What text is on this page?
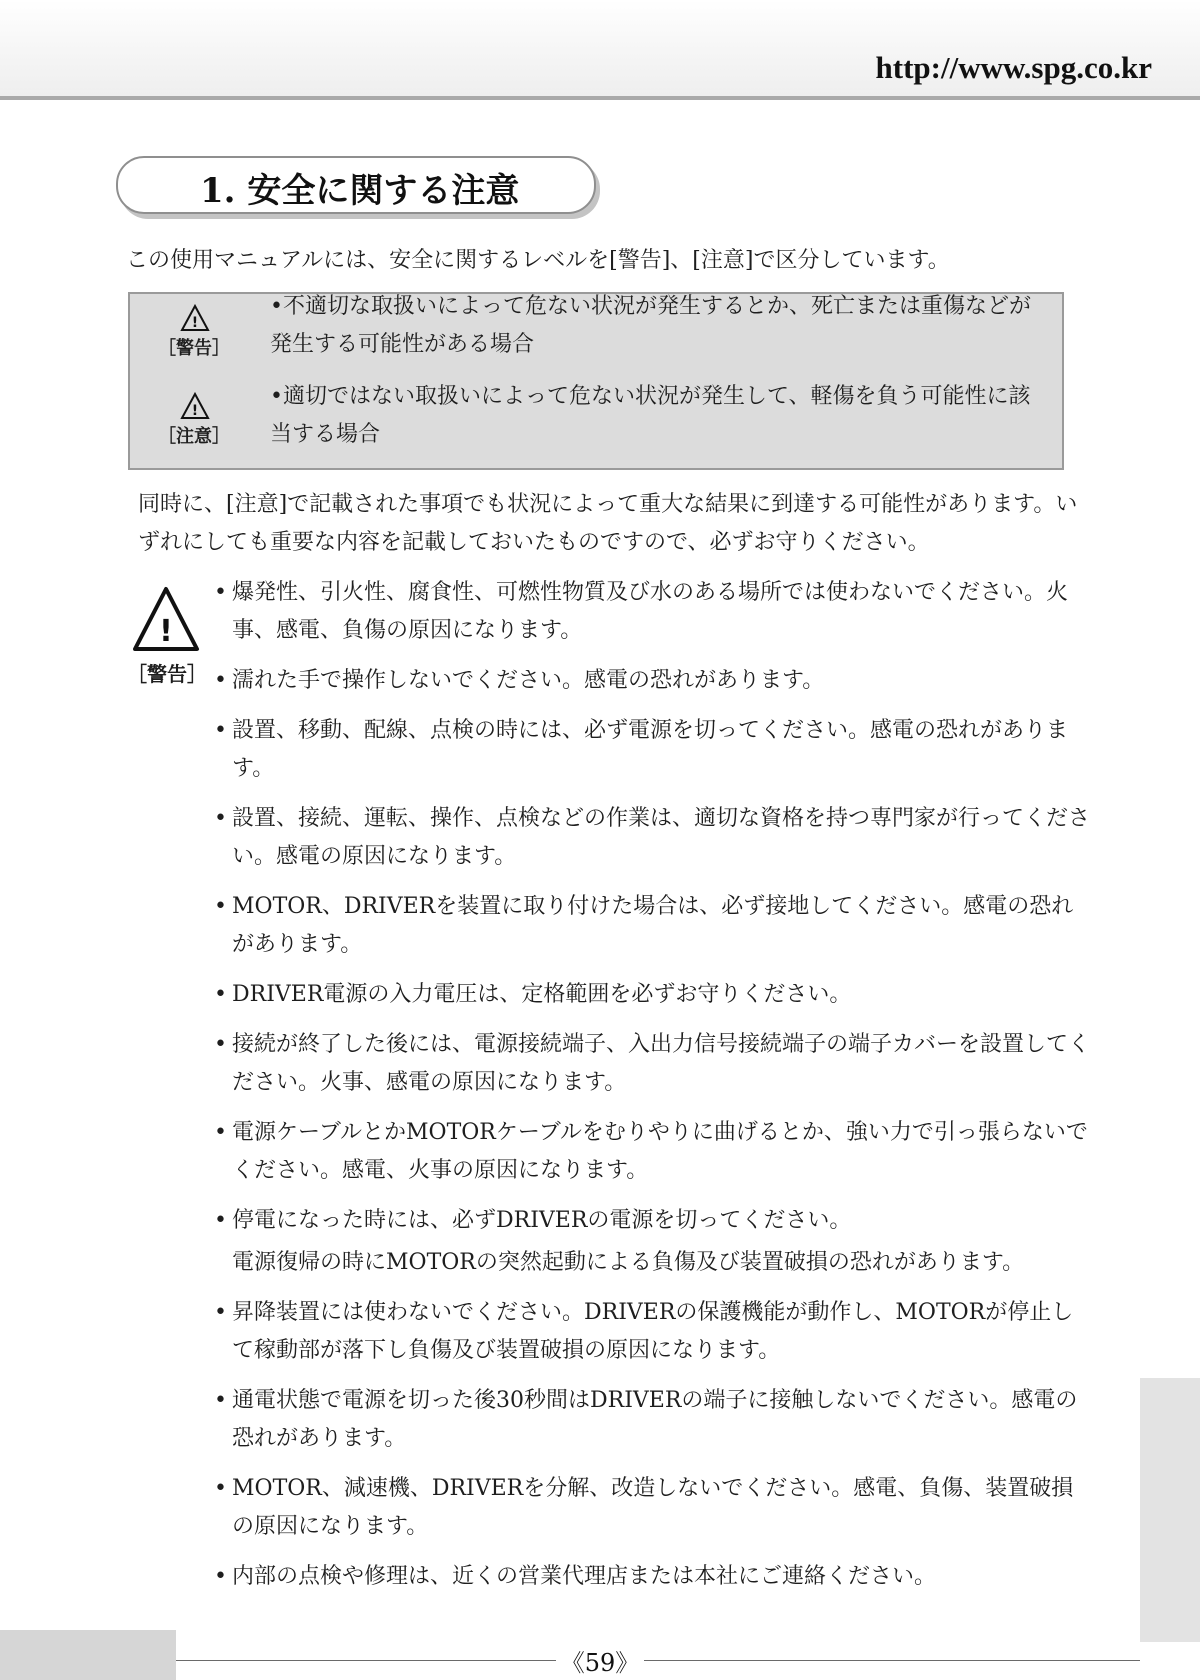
http://www.spg.co.kr
1. 安全に関する注意
この使用マニュアルには、安全に関するレベルを[警告]、[注意]で区分しています。
!
［警告］
•不適切な取扱いによって危ない状況が発生するとか、死亡または重傷などが発生する可能性がある場合
!
［注意］
•適切ではない取扱いによって危ない状況が発生して、軽傷を負う可能性に該当する場合
同時に、[注意]で記載された事項でも状況によって重大な結果に到達する可能性があります。いずれにしても重要な内容を記載しておいたものですので、必ずお守りください。
!
［警告］
• 爆発性、引火性、腐食性、可燃性物質及び水のある場所では使わないでください。火事、感電、負傷の原因になります。
• 濡れた手で操作しないでください。感電の恐れがあります。
• 設置、移動、配線、点検の時には、必ず電源を切ってください。感電の恐れがあります。
• 設置、接続、運転、操作、点検などの作業は、適切な資格を持つ専門家が行ってください。感電の原因になります。
• MOTOR、DRIVERを装置に取り付けた場合は、必ず接地してください。感電の恐れがあります。
• DRIVER電源の入力電圧は、定格範囲を必ずお守りください。
• 接続が終了した後には、電源接続端子、入出力信号接続端子の端子カバーを設置してください。火事、感電の原因になります。
• 電源ケーブルとかMOTORケーブルをむりやりに曲げるとか、強い力で引っ張らないでください。感電、火事の原因になります。
• 停電になった時には、必ずDRIVERの電源を切ってください。
電源復帰の時にMOTORの突然起動による負傷及び装置破損の恐れがあります。
• 昇降装置には使わないでください。DRIVERの保護機能が動作し、MOTORが停止して稼動部が落下し負傷及び装置破損の原因になります。
• 通電状態で電源を切った後30秒間はDRIVERの端子に接触しないでください。感電の恐れがあります。
• MOTOR、減速機、DRIVERを分解、改造しないでください。感電、負傷、装置破損の原因になります。
• 内部の点検や修理は、近くの営業代理店または本社にご連絡ください。
《59》
